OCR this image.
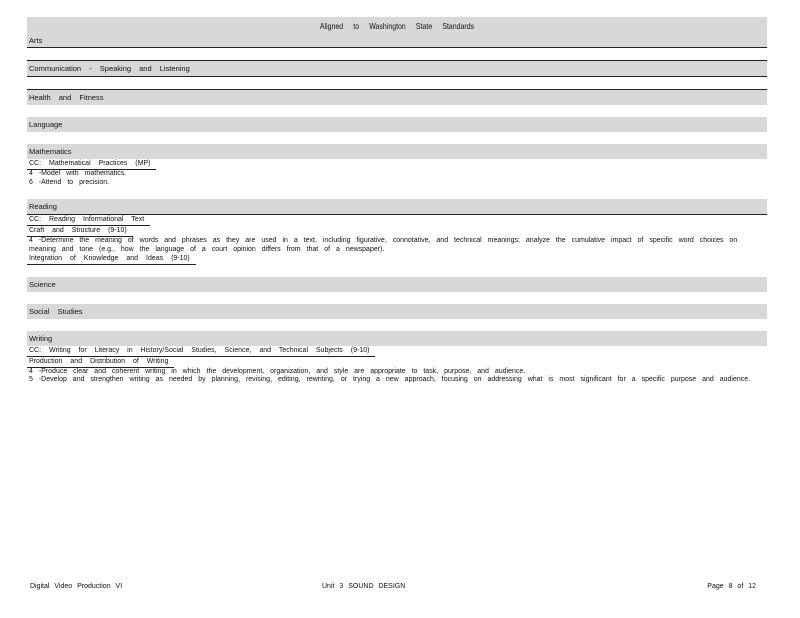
Aligned to Washington State Standards
Arts
Communication - Speaking and Listening
Health and Fitness
Language
Mathematics
CC: Mathematical Practices (MP)
4 -Model with mathematics.
6 -Attend to precision.
Reading
CC: Reading Informational Text
Craft and Structure (9-10)
4 -Determine the meaning of words and phrases as they are used in a text, including figurative, connotative, and technical meanings; analyze the cumulative impact of specific word choices on meaning and tone (e.g., how the language of a court opinion differs from that of a newspaper).
Integration of Knowledge and Ideas (9-10)
Science
Social Studies
Writing
CC: Writing for Literacy in History/Social Studies, Science, and Technical Subjects (9-10)
Production and Distribution of Writing
4 -Produce clear and coherent writing in which the development, organization, and style are appropriate to task, purpose, and audience.
5 -Develop and strengthen writing as needed by planning, revising, editing, rewriting, or trying a new approach, focusing on addressing what is most significant for a specific purpose and audience.
Digital Video Production VI	Unit 3 SOUND DESIGN	Page 8 of 12
